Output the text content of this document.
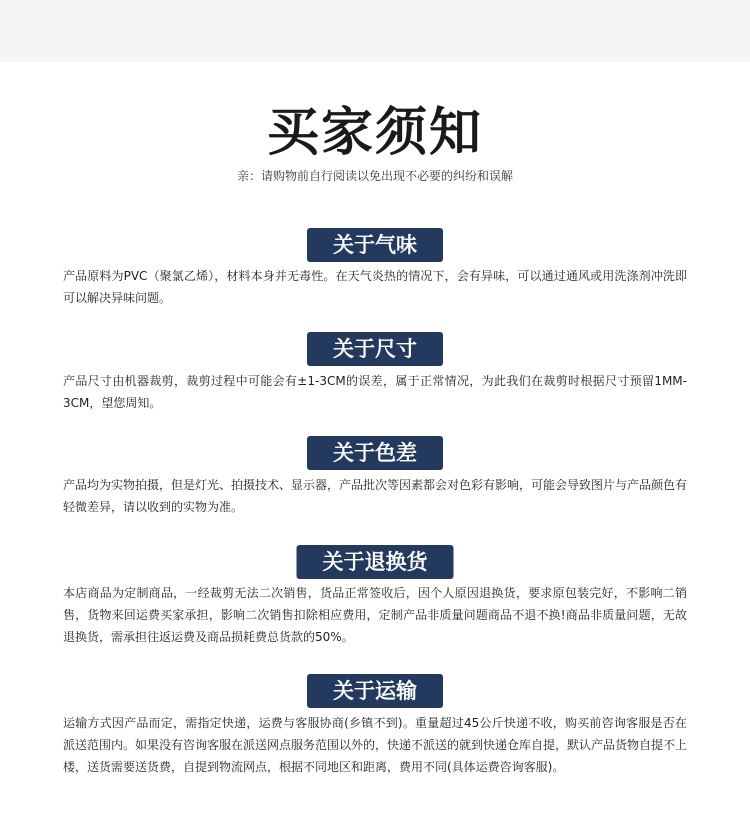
买家须知
亲：请购物前自行阅读以免出现不必要的纠纷和误解
关于气味
产品原料为PVC（聚氯乙烯），材料本身并无毒性。在天气炎热的情况下，会有异味，可以通过通风或用洗涤剂冲洗即可以解决异味问题。
关于尺寸
产品尺寸由机器裁剪，裁剪过程中可能会有±1-3CM的误差，属于正常情况，为此我们在裁剪时根据尺寸预留1MM-3CM，望您周知。
关于色差
产品均为实物拍摄，但是灯光、拍摄技术、显示器，产品批次等因素都会对色彩有影响，可能会导致图片与产品颜色有轻微差异，请以收到的实物为准。
关于退换货
本店商品为定制商品，一经裁剪无法二次销售，货品正常签收后，因个人原因退换货，要求原包装完好，不影响二销售，货物来回运费买家承担，影响二次销售扣除相应费用，定制产品非质量问题商品不退不换!商品非质量问题，无故退换货，需承担往返运费及商品损耗费总货款的50%。
关于运输
运输方式因产品而定，需指定快递，运费与客服协商(乡镇不到)。重量超过45公斤快递不收，购买前咨询客服是否在派送范围内。如果没有咨询客服在派送网点服务范围以外的，快递不派送的就到快递仓库自提，默认产品货物自提不上楼，送货需要送货费，自提到物流网点，根据不同地区和距离，费用不同(具体运费咨询客服)。
